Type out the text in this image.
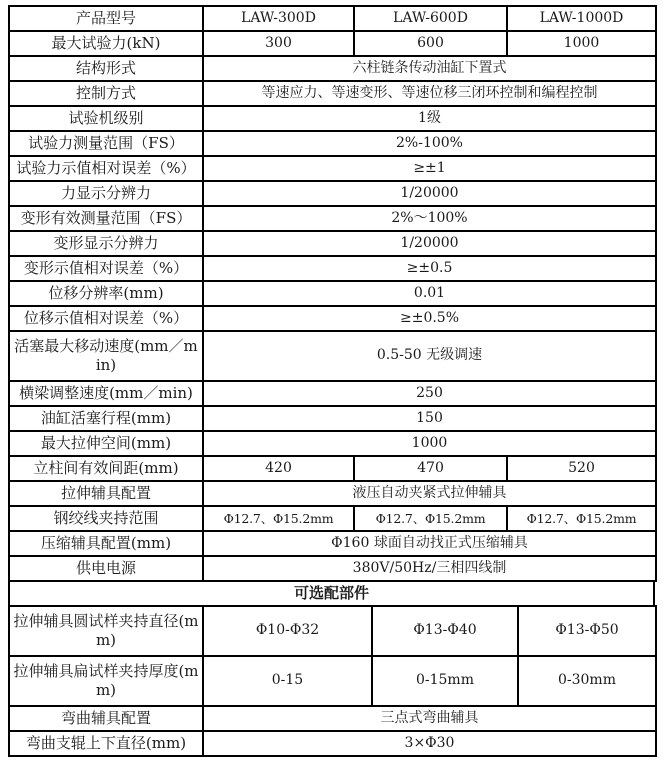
产品型号	LAW-300D	LAW-600D	LAW-1000D
最大试验力(kN)	300	600	1000
结构形式	六柱链条传动油缸下置式		
控制方式	等速应力、等速变形、等速位移三闭环控制和编程控制		
试验机级别	1级		
试验力测量范围（FS）	2%-100%		
试验力示值相对误差（%）	≥±1		
力显示分辨力	1/20000		
变形有效测量范围（FS）	2%～100%		
变形显示分辨力	1/20000		
变形示值相对误差（%）	≥±0.5		
位移分辨率(mm)	0.01		
位移示值相对误差（%）	≥±0.5%		
活塞最大移动速度(mm／min)	0.5-50 无级调速		
横梁调整速度(mm／min)	250		
油缸活塞行程(mm)	150		
最大拉伸空间(mm)	1000		
立柱间有效间距(mm)	420	470	520
拉伸辅具配置	液压自动夹紧式拉伸辅具		
钢绞线夹持范围	Φ12.7、Φ15.2mm	Φ12.7、Φ15.2mm	Φ12.7、Φ15.2mm
压缩辅具配置(mm)	Φ160 球面自动找正式压缩辅具		
供电电源	380V/50Hz/三相四线制		
可选配部件
拉伸辅具圆试样夹持直径(mm)	Φ10-Φ32	Φ13-Φ40	Φ13-Φ50
拉伸辅具扁试样夹持厚度(mm)	0-15	0-15mm	0-30mm
弯曲辅具配置	三点式弯曲辅具		
弯曲支辊上下直径(mm)	3×Φ30		
